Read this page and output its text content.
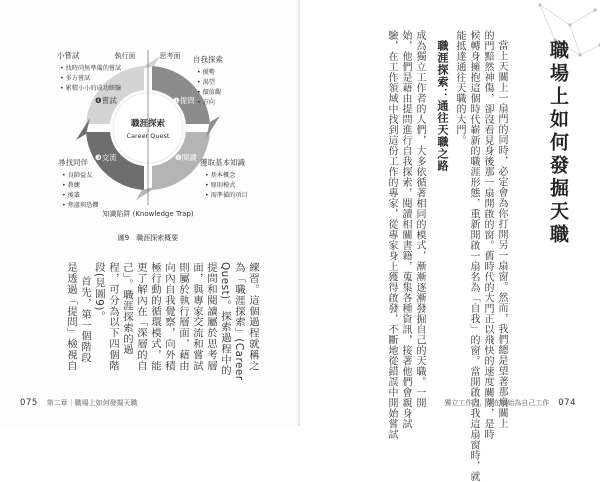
職涯探索
Career Quest
❶提問
❷閱讀
❸交流
❹嘗試
執行面	思考面 自我探索
• 優勢
• 渴望
• 價值觀
• 方向
獲取基本知識
• 基本概念
• 原則模式
• 需準備的項目
小嘗試
• 找時尚無準備的嘗試
• 多方嘗試
• 累積小小的成功經驗
尋找同伴
• 良師益友
• 教練
• 後輩
• 焦慮與恐懼
知識陷阱 (Knowledge Trap)
圖9　職涯探索概要
練習。這個過程就稱之
為「職涯探索」(Career
Quest)。探索過程中的
提問和閱讀屬於思考層
面，與專家交流和嘗試
則屬於執行層面，藉由
向內自我覺察，向外積
極行動的循環模式，能
更了解內在「深層的自
己」。職涯探索的過
程，可分為以下四個階
段(見圖9)。
首先，第一個階段
是透過「提問」檢視自
075 第二章｜職場上如何發掘天職
職場上如何發掘天職
當上天關上一扇門的同時，必定會為你打開另一扇窗。然而，我們總是望著那扇關上
的門黯然神傷，卻沒看見身後那一扇開啟的窗。舊時代的大門正以飛快的速度關閉，是時
候轉身擁抱這個時代嶄新的職涯形態，重新開啟一扇名為「自我」的窗。當開啟自我這扇窗時，就
能抵達通往天職的大門。
職涯探索：通往天職之路
成為獨立工作者的人們，大多依循著相同的模式，漸漸逐漸發掘自己的天職。一開
始，他們是藉由提問進行自我探索，閱讀相關書籍，蒐集各種資訊，接著他們會親身試
驗，在工作領域中找到這份工作的專家，從專家身上獲得啟發，不斷地從錯誤中開始嘗試	獨立工作者，得在開始為自己工作 074
